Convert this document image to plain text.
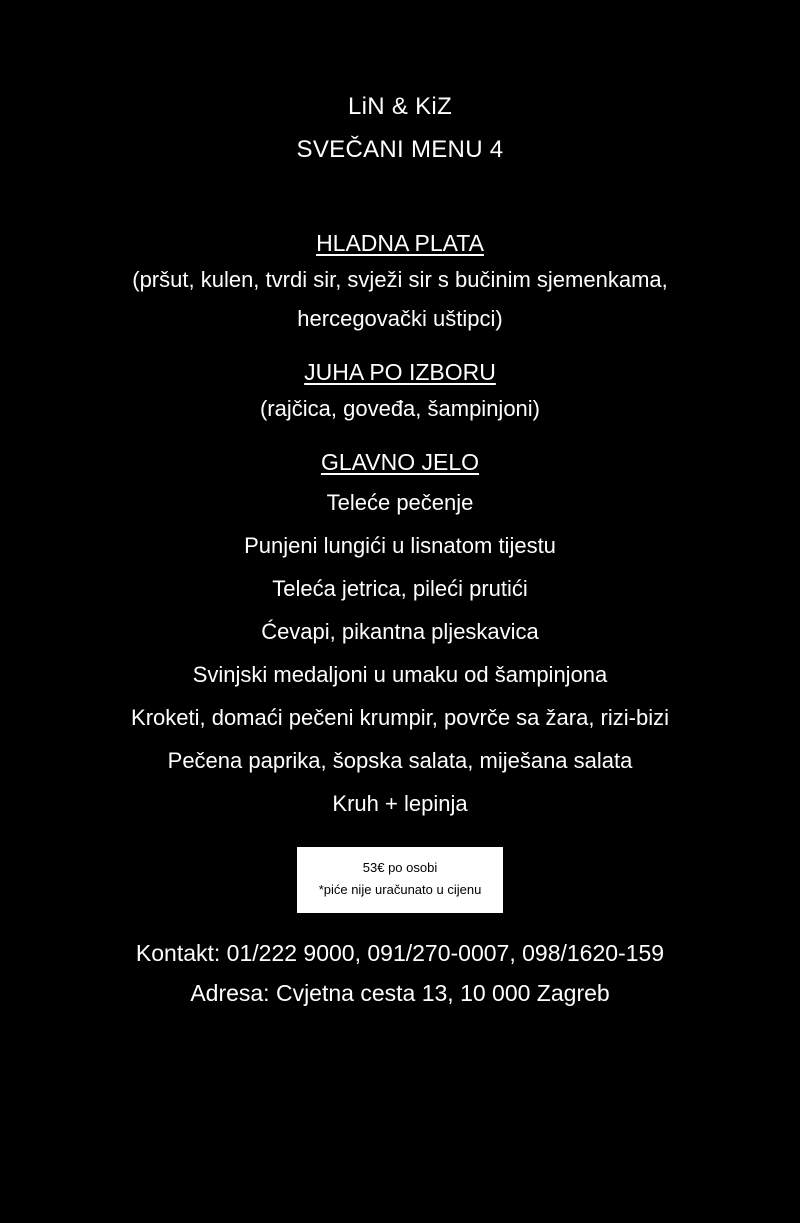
LiN & KiZ
SVEČANI MENU 4
HLADNA PLATA
(pršut, kulen, tvrdi sir, svježi sir s bučinim sjemenkama,
hercegovački uštipci)
JUHA PO IZBORU
(rajčica, goveđa, šampinjoni)
GLAVNO JELO
Teleće pečenje
Punjeni lungići u lisnatom tijestu
Teleća jetrica, pileći prutići
Ćevapi, pikantna pljeskavica
Svinjski medaljoni u umaku od šampinjona
Kroketi, domaći pečeni krumpir, povrče sa žara, rizi-bizi
Pečena paprika, šopska salata, miješana salata
Kruh + lepinja
53€ po osobi
*piće nije uračunato u cijenu
Kontakt: 01/222 9000, 091/270-0007, 098/1620-159
Adresa: Cvjetna cesta 13, 10 000 Zagreb
